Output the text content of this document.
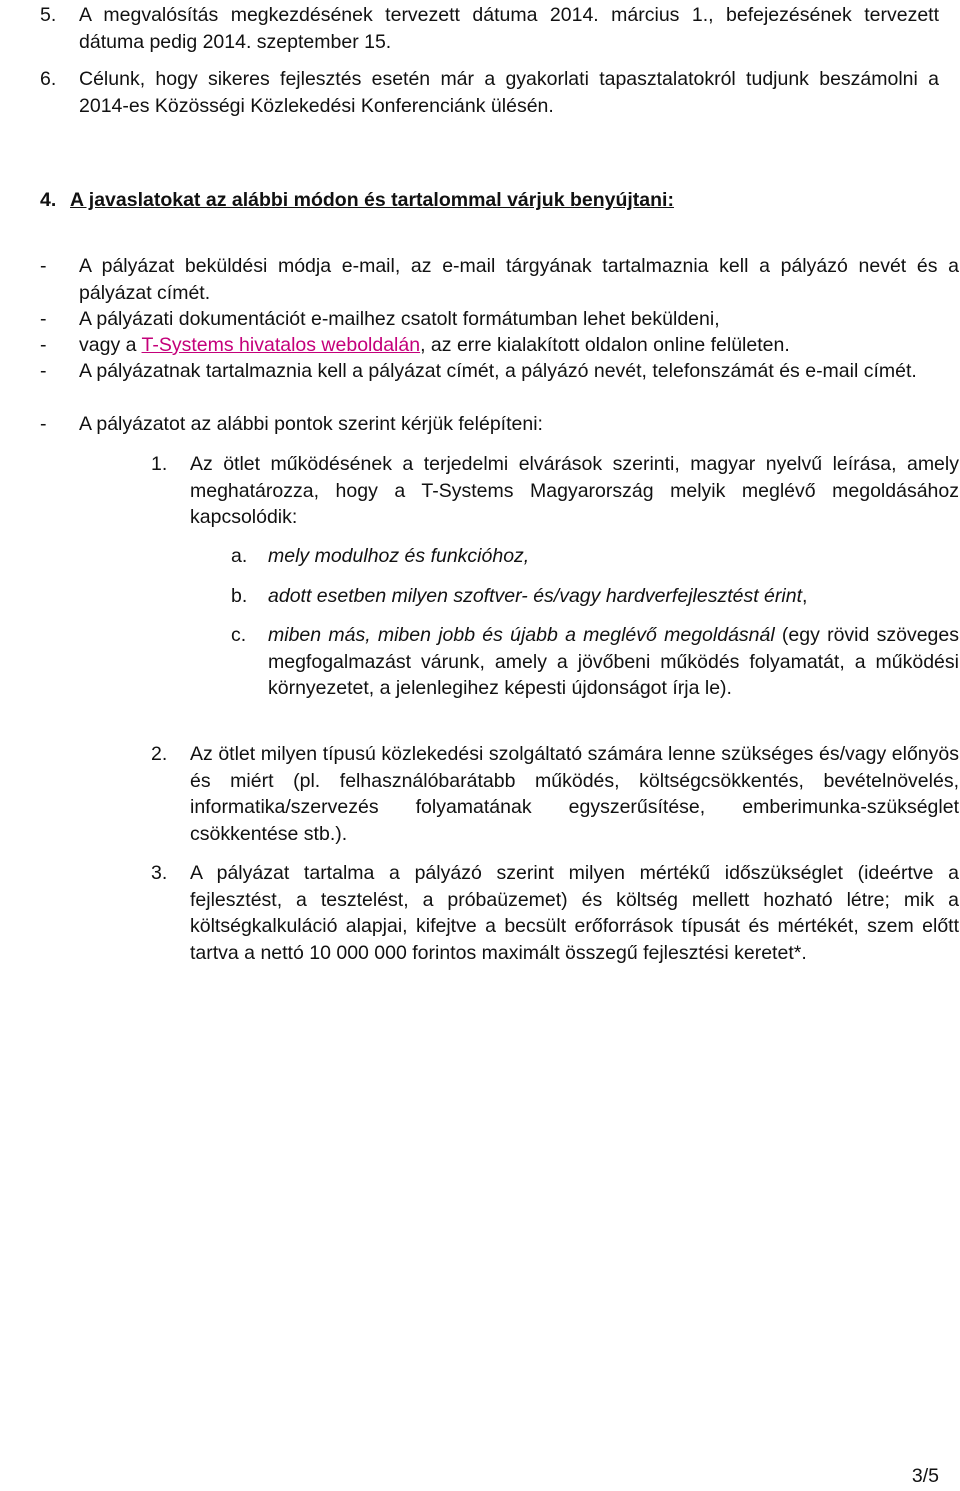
5. A megvalósítás megkezdésének tervezett dátuma 2014. március 1., befejezésének tervezett dátuma pedig 2014. szeptember 15.
6. Célunk, hogy sikeres fejlesztés esetén már a gyakorlati tapasztalatokról tudjunk beszámolni a 2014-es Közösségi Közlekedési Konferenciánk ülésén.
4. A javaslatokat az alábbi módon és tartalommal várjuk benyújtani:
- A pályázat beküldési módja e-mail, az e-mail tárgyának tartalmaznia kell a pályázó nevét és a pályázat címét.
- A pályázati dokumentációt e-mailhez csatolt formátumban lehet beküldeni,
- vagy a T-Systems hivatalos weboldalán, az erre kialakított oldalon online felületen.
- A pályázatnak tartalmaznia kell a pályázat címét, a pályázó nevét, telefonszámát és e-mail címét.
- A pályázatot az alábbi pontok szerint kérjük felépíteni:
1. Az ötlet működésének a terjedelmi elvárások szerinti, magyar nyelvű leírása, amely meghatározza, hogy a T-Systems Magyarország melyik meglévő megoldásához kapcsolódik:
a. mely modulhoz és funkcióhoz,
b. adott esetben milyen szoftver- és/vagy hardverfejlesztést érint,
c. miben más, miben jobb és újabb a meglévő megoldásnál (egy rövid szöveges megfogalmazást várunk, amely a jövőbeni működés folyamatát, a működési környezetet, a jelenlegihez képesti újdonságot írja le).
2. Az ötlet milyen típusú közlekedési szolgáltató számára lenne szükséges és/vagy előnyös és miért (pl. felhasználóbarátabb működés, költségcsökkentés, bevételnövelés, informatika/szervezés folyamatának egyszerűsítése, emberimunka-szükséglet csökkentése stb.).
3. A pályázat tartalma a pályázó szerint milyen mértékű időszükséglet (ideértve a fejlesztést, a tesztelést, a próbaüzemet) és költség mellett hozható létre; mik a költségkalkuláció alapjai, kifejtve a becsült erőforrások típusát és mértékét, szem előtt tartva a nettó 10 000 000 forintos maximált összegű fejlesztési keretet*.
3/5
